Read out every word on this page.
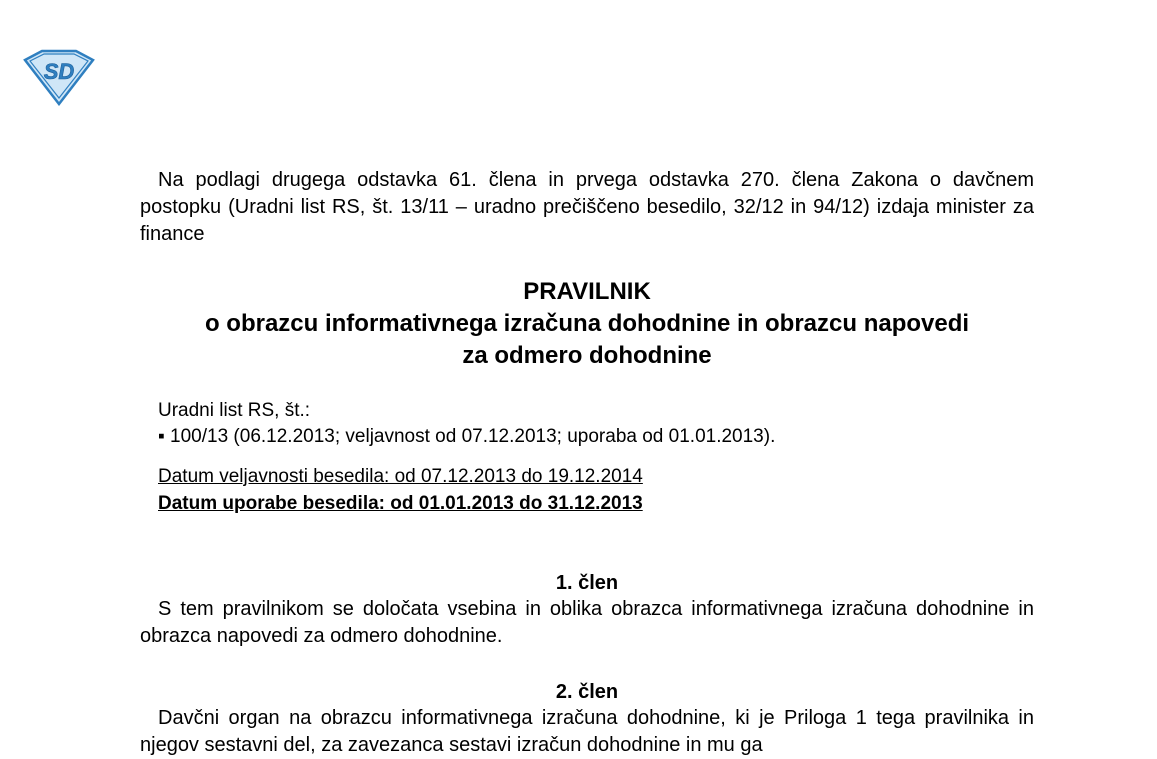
SD
Na podlagi drugega odstavka 61. člena in prvega odstavka 270. člena Zakona o davčnem postopku (Uradni list RS, št. 13/11 – uradno prečiščeno besedilo, 32/12 in 94/12) izdaja minister za finance
PRAVILNIK
o obrazcu informativnega izračuna dohodnine in obrazcu napovedi
za odmero dohodnine
Uradni list RS, št.:
▪ 100/13 (06.12.2013; veljavnost od 07.12.2013; uporaba od 01.01.2013).
Datum veljavnosti besedila: od 07.12.2013 do 19.12.2014
Datum uporabe besedila: od 01.01.2013 do 31.12.2013
1. člen
S tem pravilnikom se določata vsebina in oblika obrazca informativnega izračuna dohodnine in obrazca napovedi za odmero dohodnine.
2. člen
Davčni organ na obrazcu informativnega izračuna dohodnine, ki je Priloga 1 tega pravilnika in njegov sestavni del, za zavezanca sestavi izračun dohodnine in mu ga
